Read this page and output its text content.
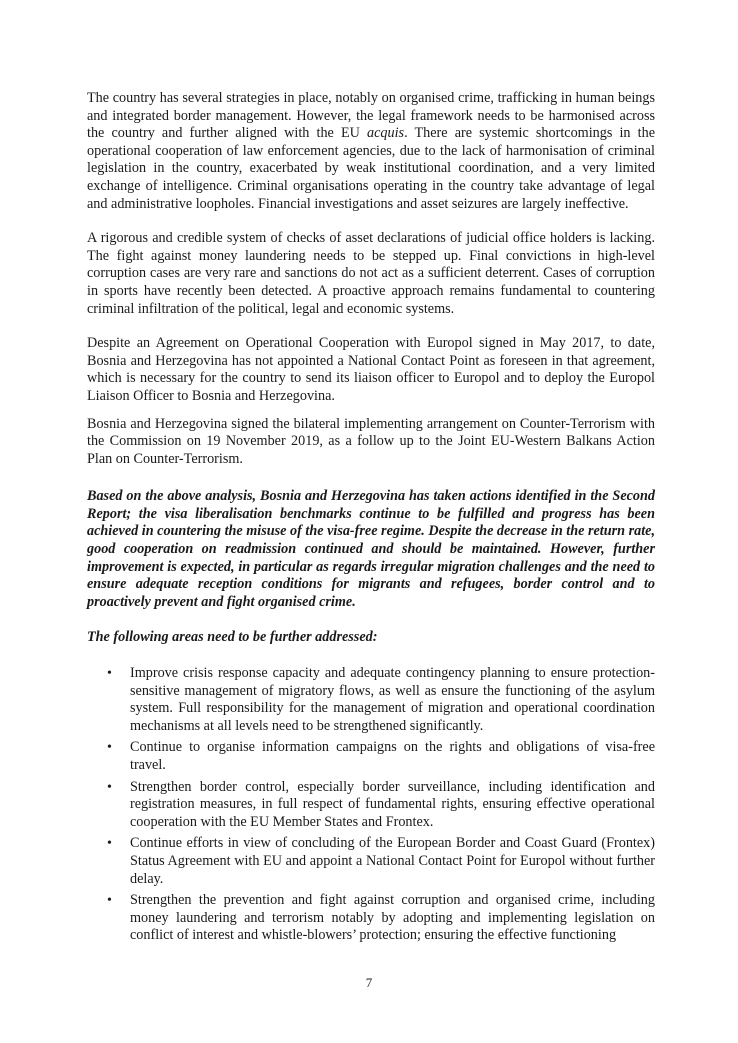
The country has several strategies in place, notably on organised crime, trafficking in human beings and integrated border management. However, the legal framework needs to be harmonised across the country and further aligned with the EU acquis. There are systemic shortcomings in the operational cooperation of law enforcement agencies, due to the lack of harmonisation of criminal legislation in the country, exacerbated by weak institutional coordination, and a very limited exchange of intelligence. Criminal organisations operating in the country take advantage of legal and administrative loopholes. Financial investigations and asset seizures are largely ineffective.

A rigorous and credible system of checks of asset declarations of judicial office holders is lacking. The fight against money laundering needs to be stepped up. Final convictions in high-level corruption cases are very rare and sanctions do not act as a sufficient deterrent. Cases of corruption in sports have recently been detected. A proactive approach remains fundamental to countering criminal infiltration of the political, legal and economic systems.

Despite an Agreement on Operational Cooperation with Europol signed in May 2017, to date, Bosnia and Herzegovina has not appointed a National Contact Point as foreseen in that agreement, which is necessary for the country to send its liaison officer to Europol and to deploy the Europol Liaison Officer to Bosnia and Herzegovina.

Bosnia and Herzegovina signed the bilateral implementing arrangement on Counter-Terrorism with the Commission on 19 November 2019, as a follow up to the Joint EU-Western Balkans Action Plan on Counter-Terrorism.

Based on the above analysis, Bosnia and Herzegovina has taken actions identified in the Second Report; the visa liberalisation benchmarks continue to be fulfilled and progress has been achieved in countering the misuse of the visa-free regime. Despite the decrease in the return rate, good cooperation on readmission continued and should be maintained. However, further improvement is expected, in particular as regards irregular migration challenges and the need to ensure adequate reception conditions for migrants and refugees, border control and to proactively prevent and fight organised crime.

The following areas need to be further addressed:

• Improve crisis response capacity and adequate contingency planning to ensure protection-sensitive management of migratory flows, as well as ensure the functioning of the asylum system. Full responsibility for the management of migration and operational coordination mechanisms at all levels need to be strengthened significantly.
• Continue to organise information campaigns on the rights and obligations of visa-free travel.
• Strengthen border control, especially border surveillance, including identification and registration measures, in full respect of fundamental rights, ensuring effective operational cooperation with the EU Member States and Frontex.
• Continue efforts in view of concluding of the European Border and Coast Guard (Frontex) Status Agreement with EU and appoint a National Contact Point for Europol without further delay.
• Strengthen the prevention and fight against corruption and organised crime, including money laundering and terrorism notably by adopting and implementing legislation on conflict of interest and whistle-blowers’ protection; ensuring the effective functioning
7
